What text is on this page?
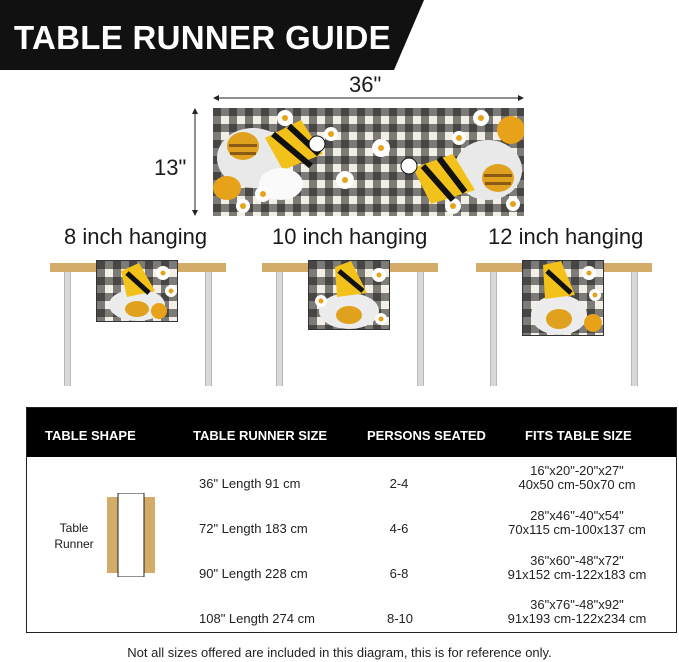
TABLE RUNNER GUIDE
36"
13"
8 inch hanging	10 inch hanging	12 inch hanging
TABLE SHAPE	TABLE RUNNER SIZE	PERSONS SEATED	FITS TABLE SIZE
Table Runner
36" Length 91 cm	2-4
16"x20"-20"x27"
40x50 cm-50x70 cm
72" Length 183 cm	4-6
28"x46"-40"x54"
70x115 cm-100x137 cm
90" Length 228 cm	6-8
36"x60"-48"x72"
91x152 cm-122x183 cm
108" Length 274 cm	8-10
36"x76"-48"x92"
91x193 cm-122x234 cm
Not all sizes offered are included in this diagram, this is for reference only.
